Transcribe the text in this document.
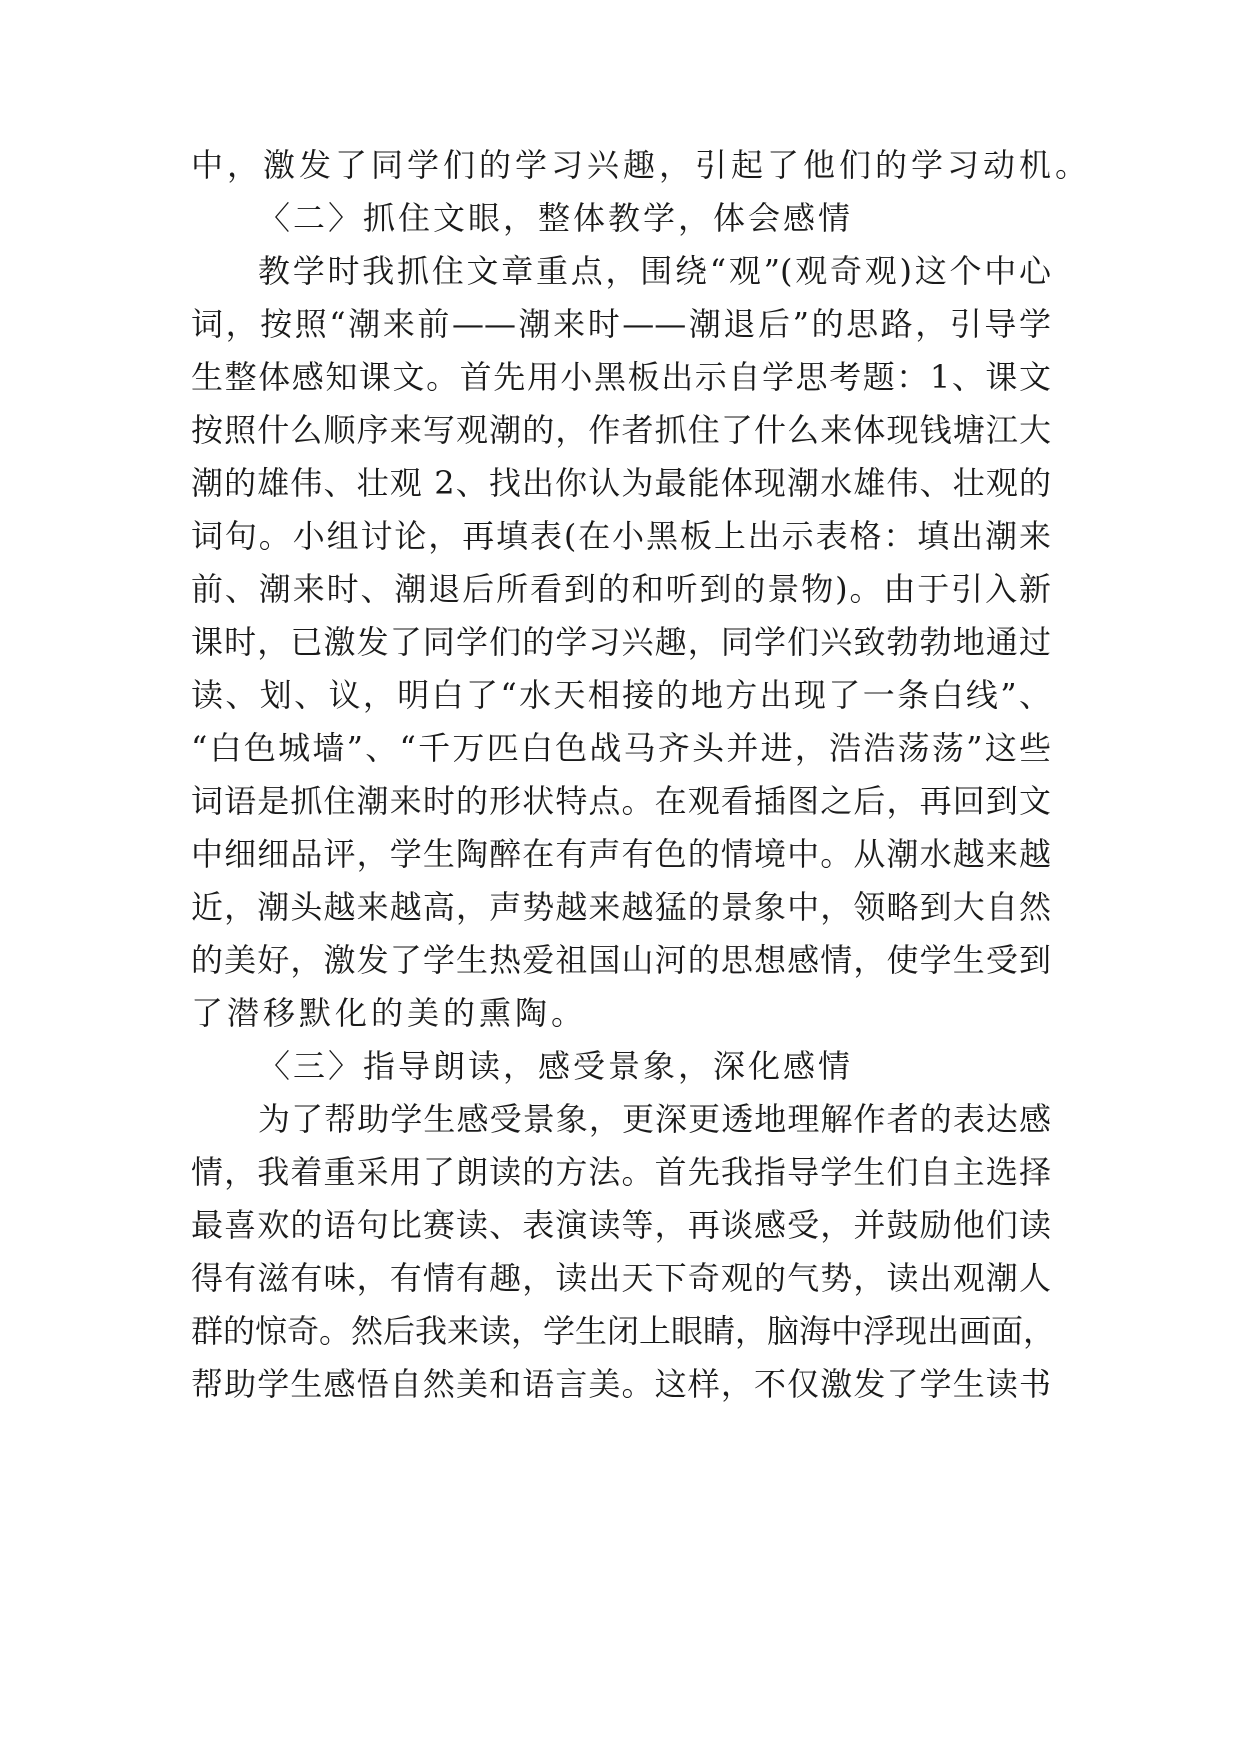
中，激发了同学们的学习兴趣，引起了他们的学习动机。
〈二〉抓住文眼，整体教学，体会感情
教学时我抓住文章重点，围绕“观”(观奇观)这个中心
词，按照“潮来前——潮来时——潮退后”的思路，引导学
生整体感知课文。首先用小黑板出示自学思考题：1、课文
按照什么顺序来写观潮的，作者抓住了什么来体现钱塘江大
潮的雄伟、壮观 2、找出你认为最能体现潮水雄伟、壮观的
词句。小组讨论，再填表(在小黑板上出示表格：填出潮来
前、潮来时、潮退后所看到的和听到的景物)。由于引入新
课时，已激发了同学们的学习兴趣，同学们兴致勃勃地通过
读、划、议，明白了“水天相接的地方出现了一条白线”、
“白色城墙”、“千万匹白色战马齐头并进，浩浩荡荡”这些
词语是抓住潮来时的形状特点。在观看插图之后，再回到文
中细细品评，学生陶醉在有声有色的情境中。从潮水越来越
近，潮头越来越高，声势越来越猛的景象中，领略到大自然
的美好，激发了学生热爱祖国山河的思想感情，使学生受到
了潜移默化的美的熏陶。
〈三〉指导朗读，感受景象，深化感情
为了帮助学生感受景象，更深更透地理解作者的表达感
情，我着重采用了朗读的方法。首先我指导学生们自主选择
最喜欢的语句比赛读、表演读等，再谈感受，并鼓励他们读
得有滋有味，有情有趣，读出天下奇观的气势，读出观潮人
群的惊奇。然后我来读，学生闭上眼睛，脑海中浮现出画面，
帮助学生感悟自然美和语言美。这样，不仅激发了学生读书
